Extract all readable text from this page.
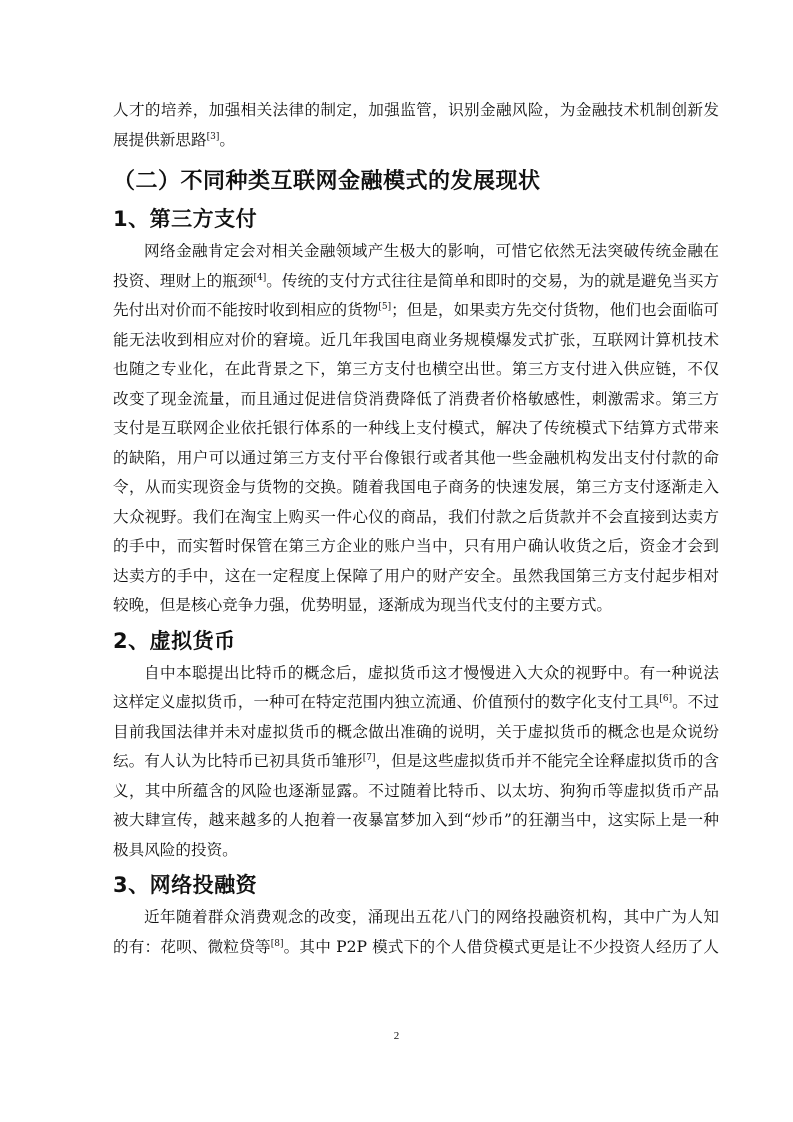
人才的培养，加强相关法律的制定，加强监管，识别金融风险，为金融技术机制创新发

展提供新思路[3]。

（二）不同种类互联网金融模式的发展现状
1、第三方支付

网络金融肯定会对相关金融领域产生极大的影响，可惜它依然无法突破传统金融在投资、理财上的瓶颈[4]。传统的支付方式往往是简单和即时的交易，为的就是避免当买方先付出对价而不能按时收到相应的货物[5]；但是，如果卖方先交付货物，他们也会面临可能无法收到相应对价的窘境。近几年我国电商业务规模爆发式扩张，互联网计算机技术也随之专业化，在此背景之下，第三方支付也横空出世。第三方支付进入供应链，不仅改变了现金流量，而且通过促进信贷消费降低了消费者价格敏感性，刺激需求。第三方支付是互联网企业依托银行体系的一种线上支付模式，解决了传统模式下结算方式带来的缺陷，用户可以通过第三方支付平台像银行或者其他一些金融机构发出支付付款的命令，从而实现资金与货物的交换。随着我国电子商务的快速发展，第三方支付逐渐走入大众视野。我们在淘宝上购买一件心仪的商品，我们付款之后货款并不会直接到达卖方的手中，而实暂时保管在第三方企业的账户当中，只有用户确认收货之后，资金才会到达卖方的手中，这在一定程度上保障了用户的财产安全。虽然我国第三方支付起步相对较晚，但是核心竞争力强，优势明显，逐渐成为现当代支付的主要方式。

2、虚拟货币

自中本聪提出比特币的概念后，虚拟货币这才慢慢进入大众的视野中。有一种说法这样定义虚拟货币，一种可在特定范围内独立流通、价值预付的数字化支付工具[6]。不过目前我国法律并未对虚拟货币的概念做出准确的说明，关于虚拟货币的概念也是众说纷纭。有人认为比特币已初具货币雏形[7]，但是这些虚拟货币并不能完全诠释虚拟货币的含义，其中所蕴含的风险也逐渐显露。不过随着比特币、以太坊、狗狗币等虚拟货币产品被大肆宣传，越来越多的人抱着一夜暴富梦加入到“炒币”的狂潮当中，这实际上是一种极具风险的投资。

3、网络投融资

近年随着群众消费观念的改变，涌现出五花八门的网络投融资机构，其中广为人知的有：花呗、微粒贷等[8]。其中 P2P 模式下的个人借贷模式更是让不少投资人经历了人

2
